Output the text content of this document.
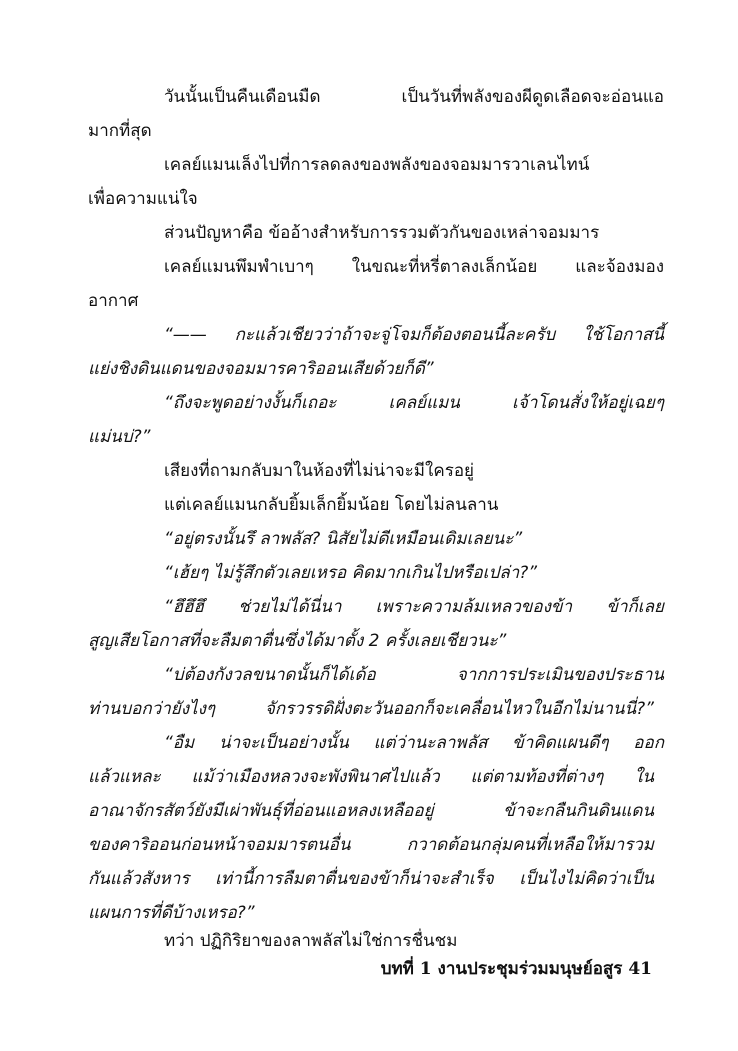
วันนั้นเป็นคืนเดือนมืด เป็นวันที่พลังของผีดูดเลือดจะอ่อนแอ
มากที่สุด
เคลย์แมนเล็งไปที่การลดลงของพลังของจอมมารวาเลนไทน์
เพื่อความแน่ใจ
ส่วนปัญหาคือ ข้ออ้างสำหรับการรวมตัวกันของเหล่าจอมมาร
เคลย์แมนพึมพำเบาๆ ในขณะที่หรี่ตาลงเล็กน้อย และจ้องมอง
อากาศ
“—— กะแล้วเชียวว่าถ้าจะจู่โจมก็ต้องตอนนี้ละครับ ใช้โอกาสนี้
แย่งชิงดินแดนของจอมมารคาริออนเสียด้วยก็ดี”
“ถึงจะพูดอย่างงั้นก็เถอะ เคลย์แมน เจ้าโดนสั่งให้อยู่เฉยๆ
แม่นบ่?”
เสียงที่ถามกลับมาในห้องที่ไม่น่าจะมีใครอยู่
แต่เคลย์แมนกลับยิ้มเล็กยิ้มน้อย โดยไม่ลนลาน
“อยู่ตรงนั้นรึ ลาพลัส? นิสัยไม่ดีเหมือนเดิมเลยนะ”
“เฮ้ยๆ ไม่รู้สึกตัวเลยเหรอ คิดมากเกินไปหรือเปล่า?”
“ฮึฮึฮึ ช่วยไม่ได้นี่นา เพราะความล้มเหลวของข้า ข้าก็เลย
สูญเสียโอกาสที่จะลืมตาตื่นซึ่งได้มาตั้ง 2 ครั้งเลยเชียวนะ”
“บ่ต้องกังวลขนาดนั้นก็ได้เด้อ จากการประเมินของประธาน
ท่านบอกว่ายังไงๆ จักรวรรดิฝั่งตะวันออกก็จะเคลื่อนไหวในอีกไม่นานนี่?”
“อืม น่าจะเป็นอย่างนั้น แต่ว่านะลาพลัส ข้าคิดแผนดีๆ ออก
แล้วแหละ แม้ว่าเมืองหลวงจะพังพินาศไปแล้ว แต่ตามท้องที่ต่างๆ ใน
อาณาจักรสัตว์ยังมีเผ่าพันธุ์ที่อ่อนแอหลงเหลืออยู่ ข้าจะกลืนกินดินแดน
ของคาริออนก่อนหน้าจอมมารตนอื่น กวาดต้อนกลุ่มคนที่เหลือให้มารวม
กันแล้วสังหาร เท่านี้การลืมตาตื่นของข้าก็น่าจะสำเร็จ เป็นไงไม่คิดว่าเป็น
แผนการที่ดีบ้างเหรอ?”
ทว่า ปฏิกิริยาของลาพลัสไม่ใช่การชื่นชม
บทที่ 1 งานประชุมร่วมมนุษย์อสูร 41
